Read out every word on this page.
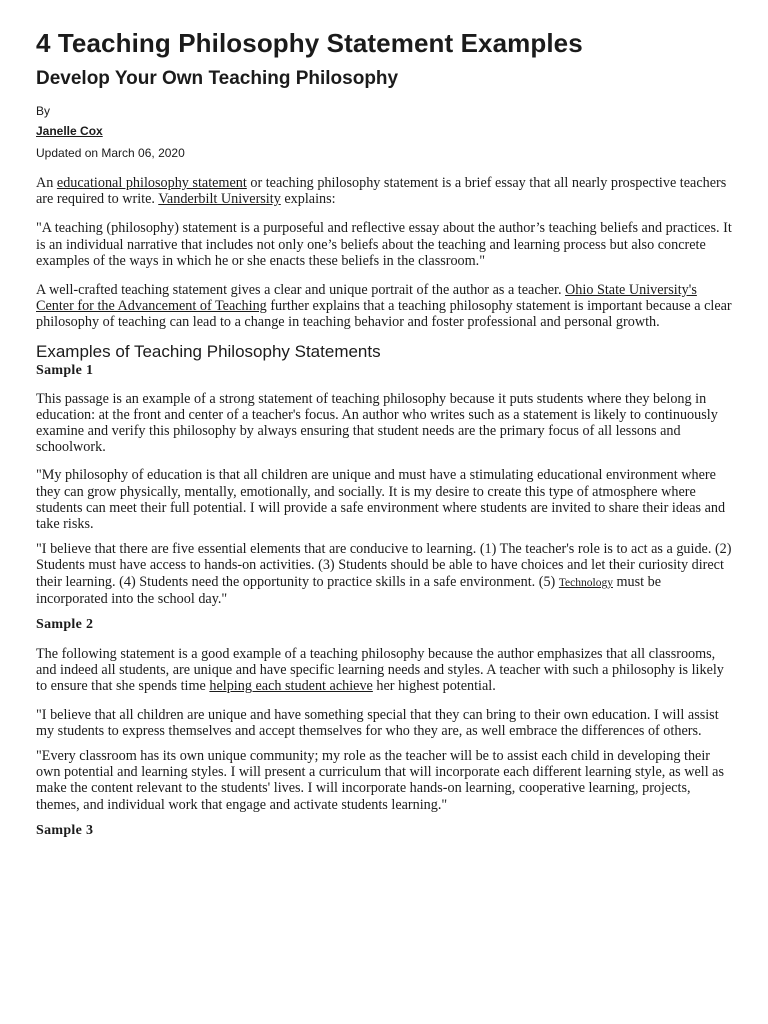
4 Teaching Philosophy Statement Examples
Develop Your Own Teaching Philosophy
By
Janelle Cox
Updated on March 06, 2020

An educational philosophy statement or teaching philosophy statement is a brief essay that all nearly prospective teachers are required to write. Vanderbilt University explains:

"A teaching (philosophy) statement is a purposeful and reflective essay about the author’s teaching beliefs and practices. It is an individual narrative that includes not only one’s beliefs about the teaching and learning process but also concrete examples of the ways in which he or she enacts these beliefs in the classroom."

A well-crafted teaching statement gives a clear and unique portrait of the author as a teacher. Ohio State University's Center for the Advancement of Teaching further explains that a teaching philosophy statement is important because a clear philosophy of teaching can lead to a change in teaching behavior and foster professional and personal growth.

Examples of Teaching Philosophy Statements
Sample 1

This passage is an example of a strong statement of teaching philosophy because it puts students where they belong in education: at the front and center of a teacher's focus. An author who writes such as a statement is likely to continuously examine and verify this philosophy by always ensuring that student needs are the primary focus of all lessons and schoolwork.

"My philosophy of education is that all children are unique and must have a stimulating educational environment where they can grow physically, mentally, emotionally, and socially. It is my desire to create this type of atmosphere where students can meet their full potential. I will provide a safe environment where students are invited to share their ideas and take risks.

"I believe that there are five essential elements that are conducive to learning. (1) The teacher's role is to act as a guide. (2) Students must have access to hands-on activities. (3) Students should be able to have choices and let their curiosity direct their learning. (4) Students need the opportunity to practice skills in a safe environment. (5) Technology must be incorporated into the school day."

Sample 2

The following statement is a good example of a teaching philosophy because the author emphasizes that all classrooms, and indeed all students, are unique and have specific learning needs and styles. A teacher with such a philosophy is likely to ensure that she spends time helping each student achieve her highest potential.

"I believe that all children are unique and have something special that they can bring to their own education. I will assist my students to express themselves and accept themselves for who they are, as well embrace the differences of others.

"Every classroom has its own unique community; my role as the teacher will be to assist each child in developing their own potential and learning styles. I will present a curriculum that will incorporate each different learning style, as well as make the content relevant to the students' lives. I will incorporate hands-on learning, cooperative learning, projects, themes, and individual work that engage and activate students learning."

Sample 3
